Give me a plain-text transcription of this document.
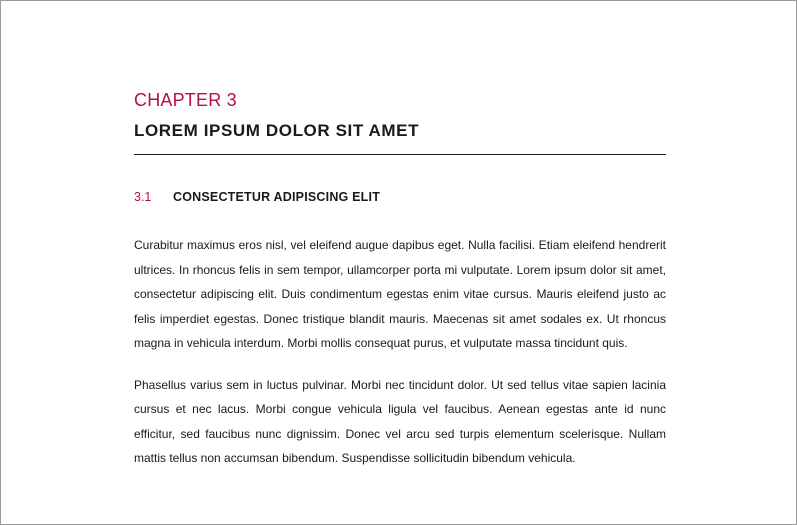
CHAPTER 3
LOREM IPSUM DOLOR SIT AMET
3.1	CONSECTETUR ADIPISCING ELIT

Curabitur maximus eros nisl, vel eleifend augue dapibus eget. Nulla facilisi. Etiam eleifend hendrerit ultrices. In rhoncus felis in sem tempor, ullamcorper porta mi vulputate. Lorem ipsum dolor sit amet, consectetur adipiscing elit. Duis condimentum egestas enim vitae cursus. Mauris eleifend justo ac felis imperdiet egestas. Donec tristique blandit mauris. Maecenas sit amet sodales ex. Ut rhoncus magna in vehicula interdum. Morbi mollis consequat purus, et vulputate massa tincidunt quis.

Phasellus varius sem in luctus pulvinar. Morbi nec tincidunt dolor. Ut sed tellus vitae sapien lacinia cursus et nec lacus. Morbi congue vehicula ligula vel faucibus. Aenean egestas ante id nunc efficitur, sed faucibus nunc dignissim. Donec vel arcu sed turpis elementum scelerisque. Nullam mattis tellus non accumsan bibendum. Suspendisse sollicitudin bibendum vehicula.
